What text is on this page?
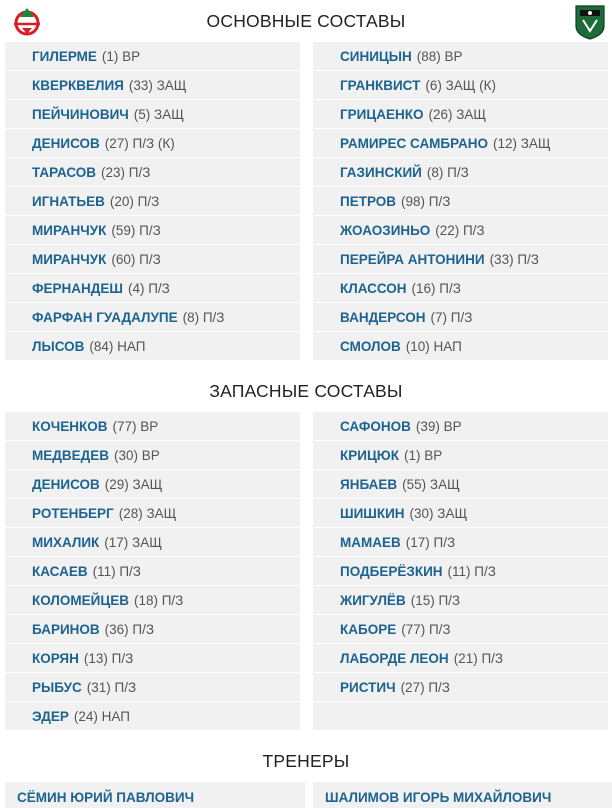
ОСНОВНЫЕ СОСТАВЫ
ЗАПАСНЫЕ СОСТАВЫ
ТРЕНЕРЫ
ГИЛЕРМЕ (1) ВР
КВЕРКВЕЛИЯ (33) ЗАЩ
ПЕЙЧИНОВИЧ (5) ЗАЩ
ДЕНИСОВ (27) П/З (К)
ТАРАСОВ (23) П/З
ИГНАТЬЕВ (20) П/З
МИРАНЧУК (59) П/З
МИРАНЧУК (60) П/З
ФЕРНАНДЕШ (4) П/З
ФАРФАН ГУАДАЛУПЕ (8) П/З
ЛЫСОВ (84) НАП
СИНИЦЫН (88) ВР
ГРАНКВИСТ (6) ЗАЩ (К)
ГРИЦАЕНКО (26) ЗАЩ
РАМИРЕС САМБРАНО (12) ЗАЩ
ГАЗИНСКИЙ (8) П/З
ПЕТРОВ (98) П/З
ЖОАОЗИНЬО (22) П/З
ПЕРЕЙРА АНТОНИНИ (33) П/З
КЛАССОН (16) П/З
ВАНДЕРСОН (7) П/З
СМОЛОВ (10) НАП
КОЧЕНКОВ (77) ВР
МЕДВЕДЕВ (30) ВР
ДЕНИСОВ (29) ЗАЩ
РОТЕНБЕРГ (28) ЗАЩ
МИХАЛИК (17) ЗАЩ
КАСАЕВ (11) П/З
КОЛОМЕЙЦЕВ (18) П/З
БАРИНОВ (36) П/З
КОРЯН (13) П/З
РЫБУС (31) П/З
ЭДЕР (24) НАП
САФОНОВ (39) ВР
КРИЦЮК (1) ВР
ЯНБАЕВ (55) ЗАЩ
ШИШКИН (30) ЗАЩ
МАМАЕВ (17) П/З
ПОДБЕРЁЗКИН (11) П/З
ЖИГУЛЁВ (15) П/З
КАБОРЕ (77) П/З
ЛАБОРДЕ ЛЕОН (21) П/З
РИСТИЧ (27) П/З
СЁМИН ЮРИЙ ПАВЛОВИЧ	ШАЛИМОВ ИГОРЬ МИХАЙЛОВИЧ
